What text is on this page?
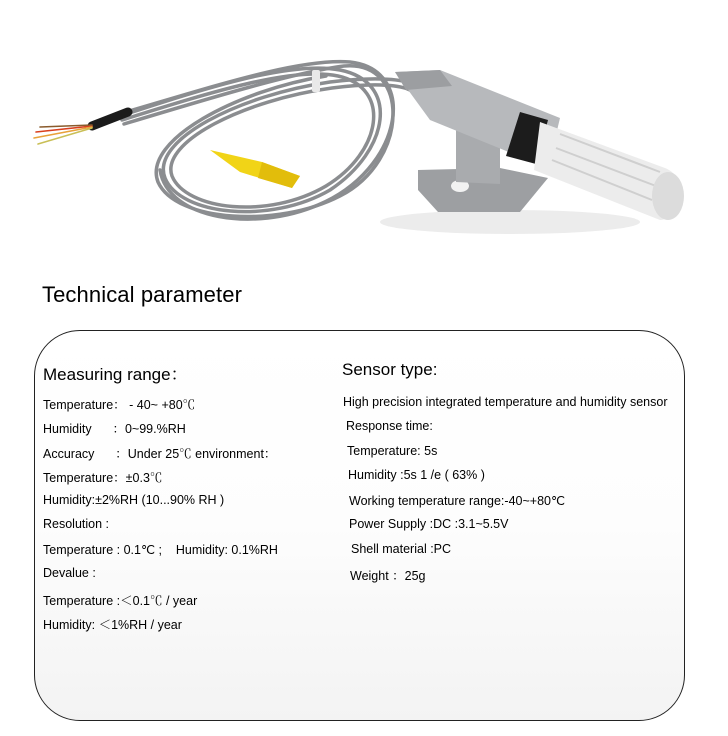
Technical parameter
Measuring range：
Temperature： - 40~ +80℃
Humidity      ：0~99.%RH
Accuracy      ：Under 25℃ environment：
Temperature：±0.3℃
Humidity:±2%RH (10...90% RH )
Resolution :
Temperature : 0.1℃ ;    Humidity: 0.1%RH
Devalue :
Temperature :＜0.1℃ / year
Humidity: ＜1%RH / year
Sensor type:
High precision integrated temperature and humidity sensor
Response time:
Temperature: 5s
Humidity :5s 1 /e ( 63% )
Working temperature range:-40~+80℃
Power Supply :DC :3.1~5.5V
Shell material :PC
Weight ：25g
